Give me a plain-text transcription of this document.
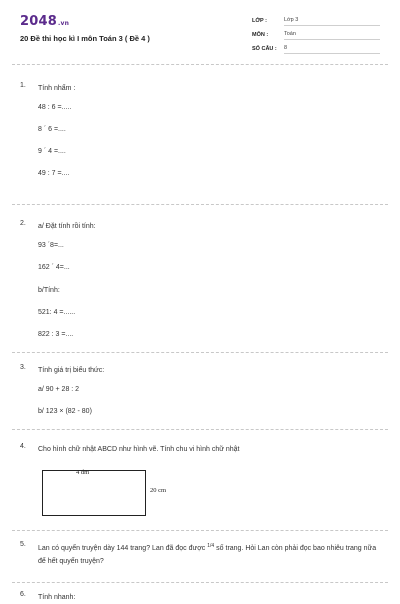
2048.vn
20 Đề thi học kì I môn Toán 3 ( Đề 4 )
LỚP :	Lớp 3
MÔN :	Toán
SỐ CÂU : 8
1. Tính nhẩm :
48 : 6 =.....
8 ´ 6 =....
9 ´ 4 =....
49 : 7 =....
2. a/ Đặt tính rồi tính:
93 ´8=...
162 ´ 4=...
b/Tính:
521: 4 =......
822 : 3 =....
3. Tính giá trị biểu thức:
a/ 90 + 28 : 2
b/ 123 × (82 - 80)
4. Cho hình chữ nhật ABCD như hình vẽ. Tính chu vi hình chữ nhật
4 dm
20 cm
5.
Lan có quyển truyện dày 144 trang? Lan đã đọc được 1/4 số trang. Hỏi Lan còn phải đọc bao nhiêu trang nữa để hết quyển truyện?
6. Tính nhanh:
